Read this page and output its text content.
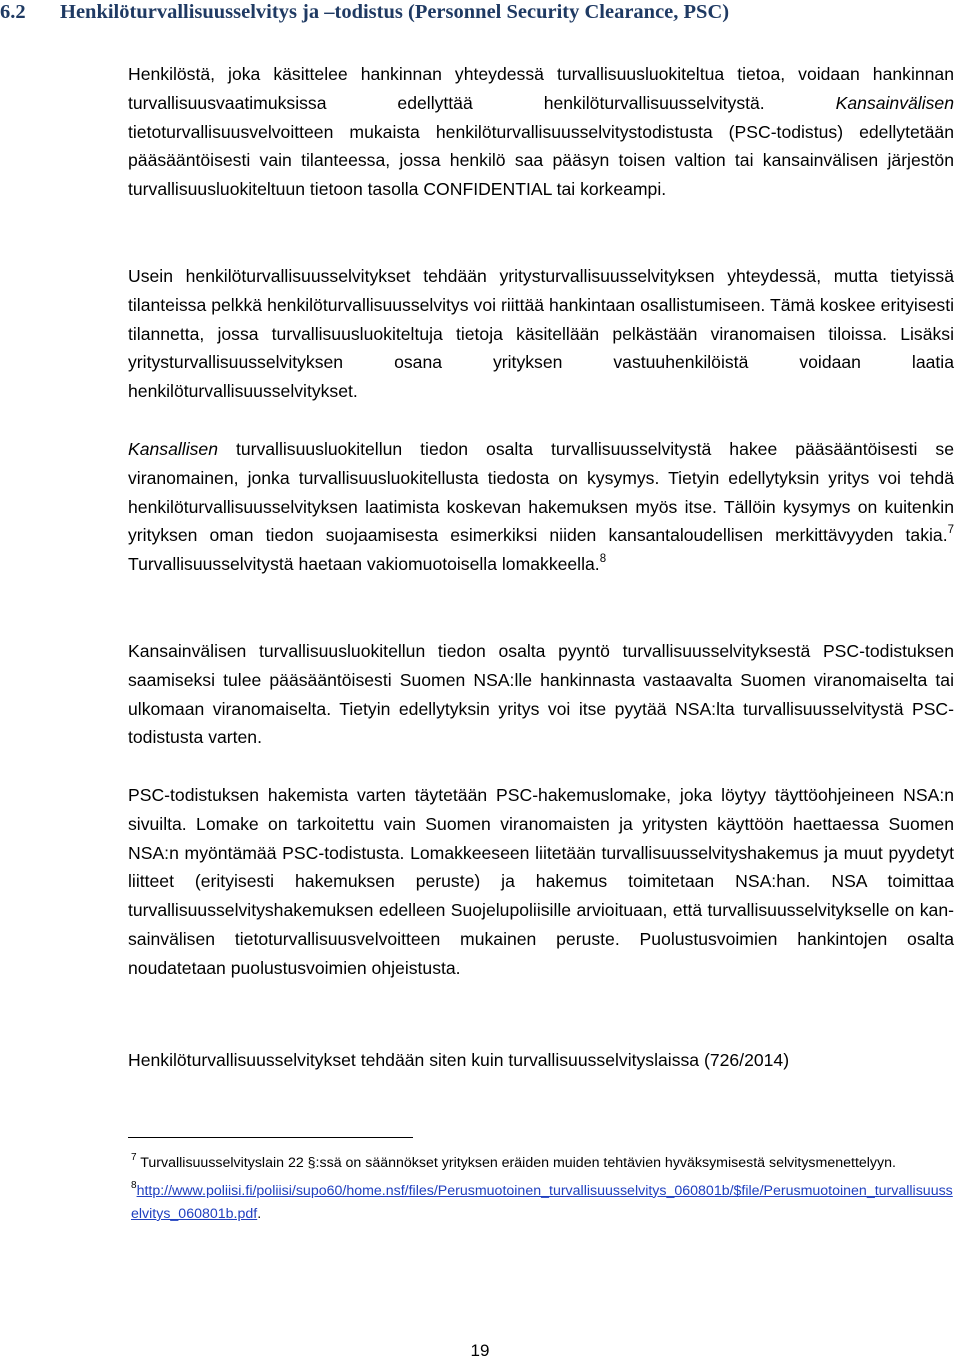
6.2 Henkilöturvallisuusselvitys ja –todistus (Personnel Security Clearance, PSC)

Henkilöstä, joka käsittelee hankinnan yhteydessä turvallisuusluokiteltua tietoa, voidaan hankinnan turvallisuusvaatimuksissa edellyttää henkilöturvallisuusselvitystä. Kansainvälisen tietoturvallisuusvelvoitteen mukaista henkilöturvallisuusselvitystodistusta (PSC-todistus) edellytetään pääsääntöisesti vain tilanteessa, jossa henkilö saa pääsyn toisen valtion tai kansainvälisen järjestön turvallisuusluokiteltuun tietoon tasolla CONFIDENTIAL tai korkeampi.

Usein henkilöturvallisuusselvitykset tehdään yritysturvallisuusselvityksen yhteydessä, mutta tietyissä tilanteissa pelkkä henkilöturvallisuusselvitys voi riittää hankintaan osallistumiseen. Tämä koskee erityisesti tilannetta, jossa turvallisuusluokiteltuja tietoja käsitellään pelkästään viranomaisen tiloissa. Lisäksi yritysturvallisuusselvityksen osana yrityksen vastuuhenkilöistä voidaan laatia henkilöturvallisuusselvitykset.

Kansallisen turvallisuusluokitellun tiedon osalta turvallisuusselvitystä hakee pääsääntöisesti se viranomainen, jonka turvallisuusluokitellusta tiedosta on kysymys. Tietyin edellytyksin yritys voi tehdä henkilöturvallisuusselvityksen laatimista koskevan hakemuksen myös itse. Tällöin kysymys on kuitenkin yrityksen oman tiedon suojaamisesta esimerkiksi niiden kansantaloudellisen merkittävyyden takia.$^7$ Turvallisuusselvitystä haetaan vakiomuotoisella lomakkeella.$^8$

Kansainvälisen turvallisuusluokitellun tiedon osalta pyyntö turvallisuusselvityksestä PSC-todistuksen saamiseksi tulee pääsääntöisesti Suomen NSA:lle hankinnasta vastaavalta Suomen viranomaiselta tai ulkomaan viranomaiselta. Tietyin edellytyksin yritys voi itse pyytää NSA:lta turvallisuusselvitystä PSC-todistusta varten.

PSC-todistuksen hakemista varten täytetään PSC-hakemuslomake, joka löytyy täyttöohjeineen NSA:n sivuilta. Lomake on tarkoitettu vain Suomen viranomaisten ja yritysten käyttöön haettaessa Suomen NSA:n myöntämää PSC-todistusta. Lomakkeeseen liitetään turvallisuusselvityshakemus ja muut pyydetyt liitteet (erityisesti hakemuksen peruste) ja hakemus toimitetaan NSA:han. NSA toimittaa turvallisuusselvityshakemuksen edelleen Suojelupoliisille arvioituaan, että turvallisuusselvitykselle on kansainvälisen tietoturvallisuusvelvoitteen mukainen peruste. Puolustusvoimien hankintojen osalta noudatetaan puolustusvoimien ohjeistusta.

Henkilöturvallisuusselvitykset tehdään siten kuin turvallisuusselvityslaissa (726/2014)

$^7$ Turvallisuusselvityslain 22 §:ssä on säännökset yrityksen eräiden muiden tehtävien hyväksymisestä selvitysmenettelyyn.

$^8$http://www.poliisi.fi/poliisi/supo60/home.nsf/files/Perusmuotoinen_turvallisuusselvitys_060801b/$file/Perusmuotoinen_turvallisuusselvitys_060801b.pdf.

19
